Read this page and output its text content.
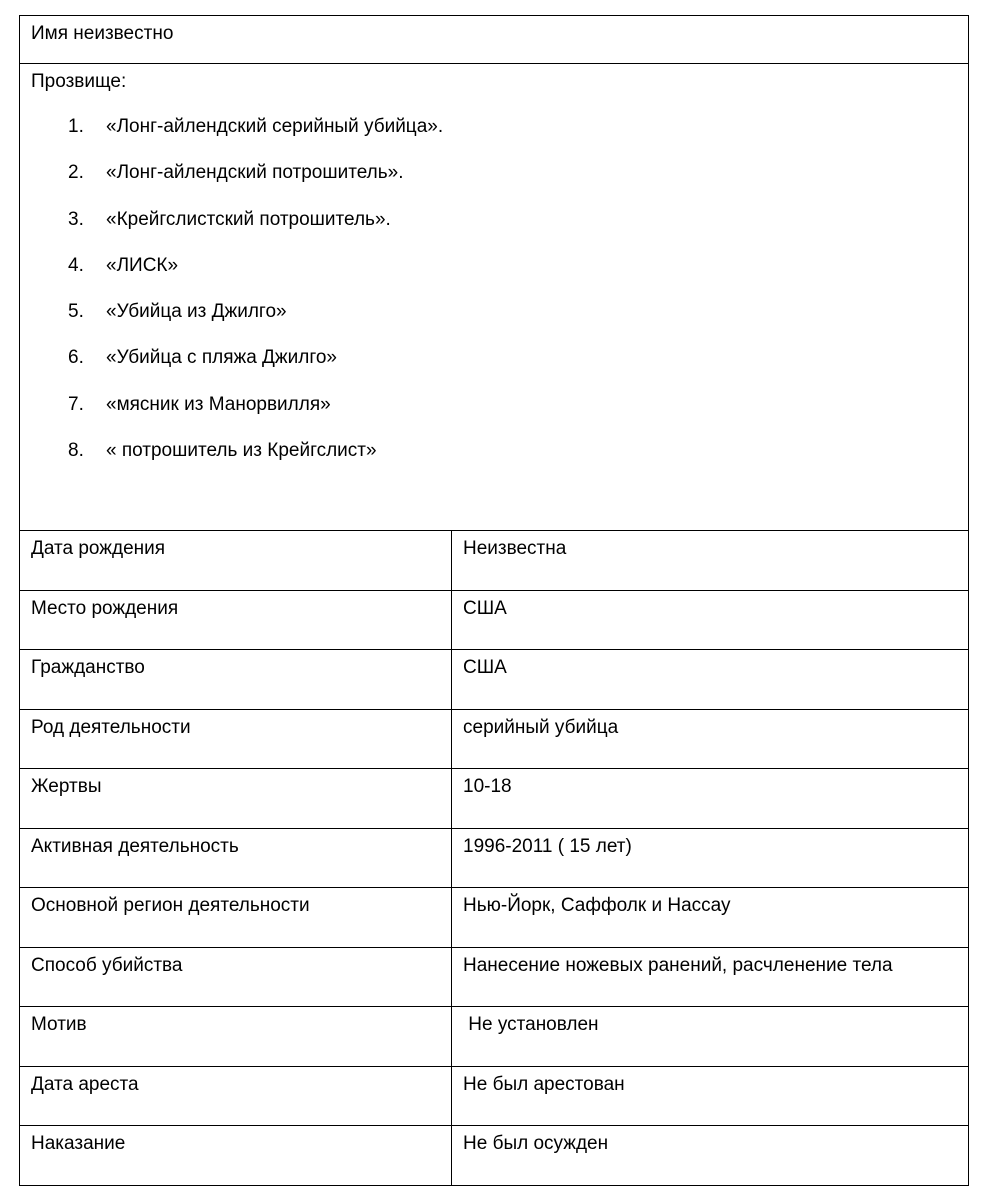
Имя неизвестно
Прозвище:
1.	«Лонг-айлендский серийный убийца».
2.	«Лонг-айлендский потрошитель».
3.	«Крейгслистский потрошитель».
4.	«ЛИСК»
5.	«Убийца из Джилго»
6.	«Убийца с пляжа Джилго»
7.	«мясник из Манорвилля»
8.	« потрошитель из Крейгслист»
Дата рождения	Неизвестна
Место рождения	США
Гражданство	США
Род деятельности	серийный убийца
Жертвы	10-18
Активная деятельность	1996-2011 ( 15 лет)
Основной регион деятельности	Нью-Йорк, Саффолк и Нассау
Способ убийства	Нанесение ножевых ранений, расчленение тела
Мотив	Не установлен
Дата ареста	Не был арестован
Наказание	Не был осужден
